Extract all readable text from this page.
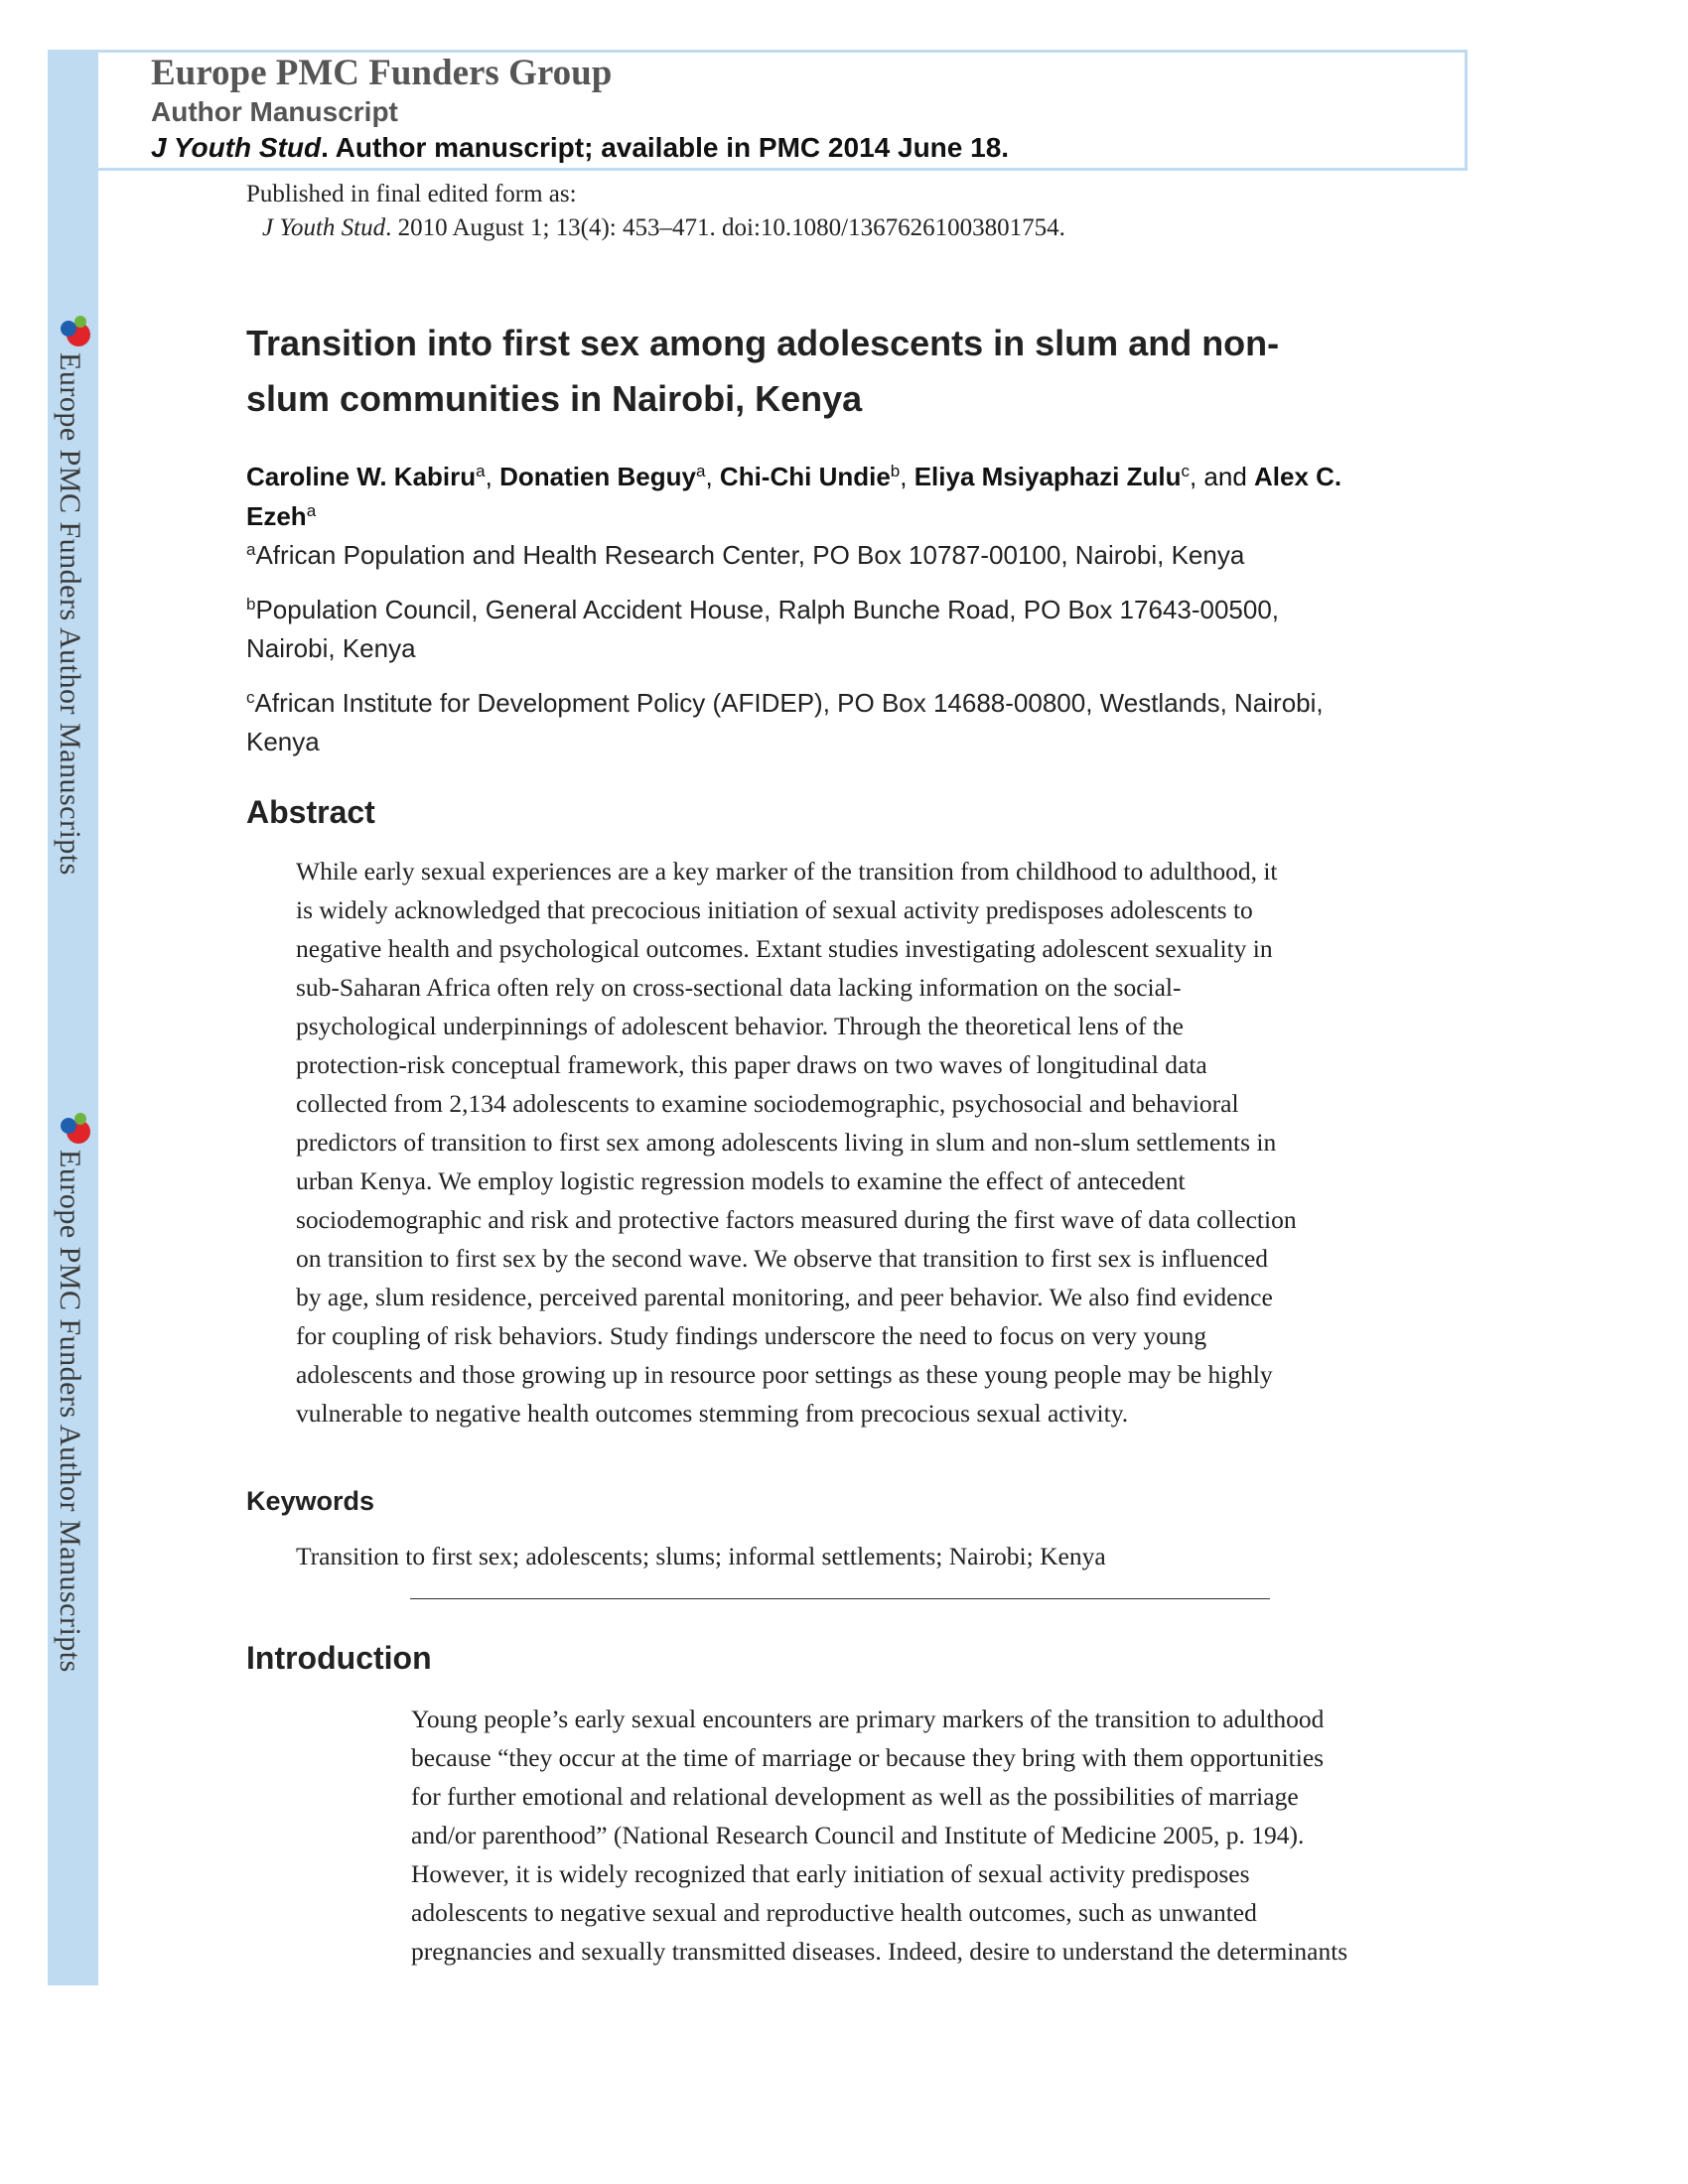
Europe PMC Funders Author Manuscripts
Europe PMC Funders Author Manuscripts
Europe PMC Funders Group
Author Manuscript
J Youth Stud. Author manuscript; available in PMC 2014 June 18.
Published in final edited form as:
J Youth Stud. 2010 August 1; 13(4): 453–471. doi:10.1080/13676261003801754.
Transition into first sex among adolescents in slum and non-
slum communities in Nairobi, Kenya
Caroline W. Kabiru$^a$, Donatien Beguy$^a$, Chi-Chi Undie$^b$, Eliya Msiyaphazi Zulu$^c$, and Alex C.
Ezeh$^a$
$^a$African Population and Health Research Center, PO Box 10787-00100, Nairobi, Kenya
$^b$Population Council, General Accident House, Ralph Bunche Road, PO Box 17643-00500,
Nairobi, Kenya
$^c$African Institute for Development Policy (AFIDEP), PO Box 14688-00800, Westlands, Nairobi,
Kenya
Abstract
While early sexual experiences are a key marker of the transition from childhood to adulthood, it
is widely acknowledged that precocious initiation of sexual activity predisposes adolescents to
negative health and psychological outcomes. Extant studies investigating adolescent sexuality in
sub-Saharan Africa often rely on cross-sectional data lacking information on the social-
psychological underpinnings of adolescent behavior. Through the theoretical lens of the
protection-risk conceptual framework, this paper draws on two waves of longitudinal data
collected from 2,134 adolescents to examine sociodemographic, psychosocial and behavioral
predictors of transition to first sex among adolescents living in slum and non-slum settlements in
urban Kenya. We employ logistic regression models to examine the effect of antecedent
sociodemographic and risk and protective factors measured during the first wave of data collection
on transition to first sex by the second wave. We observe that transition to first sex is influenced
by age, slum residence, perceived parental monitoring, and peer behavior. We also find evidence
for coupling of risk behaviors. Study findings underscore the need to focus on very young
adolescents and those growing up in resource poor settings as these young people may be highly
vulnerable to negative health outcomes stemming from precocious sexual activity.
Keywords
Transition to first sex; adolescents; slums; informal settlements; Nairobi; Kenya
Introduction
Young people’s early sexual encounters are primary markers of the transition to adulthood
because “they occur at the time of marriage or because they bring with them opportunities
for further emotional and relational development as well as the possibilities of marriage
and/or parenthood” (National Research Council and Institute of Medicine 2005, p. 194).
However, it is widely recognized that early initiation of sexual activity predisposes
adolescents to negative sexual and reproductive health outcomes, such as unwanted
pregnancies and sexually transmitted diseases. Indeed, desire to understand the determinants
